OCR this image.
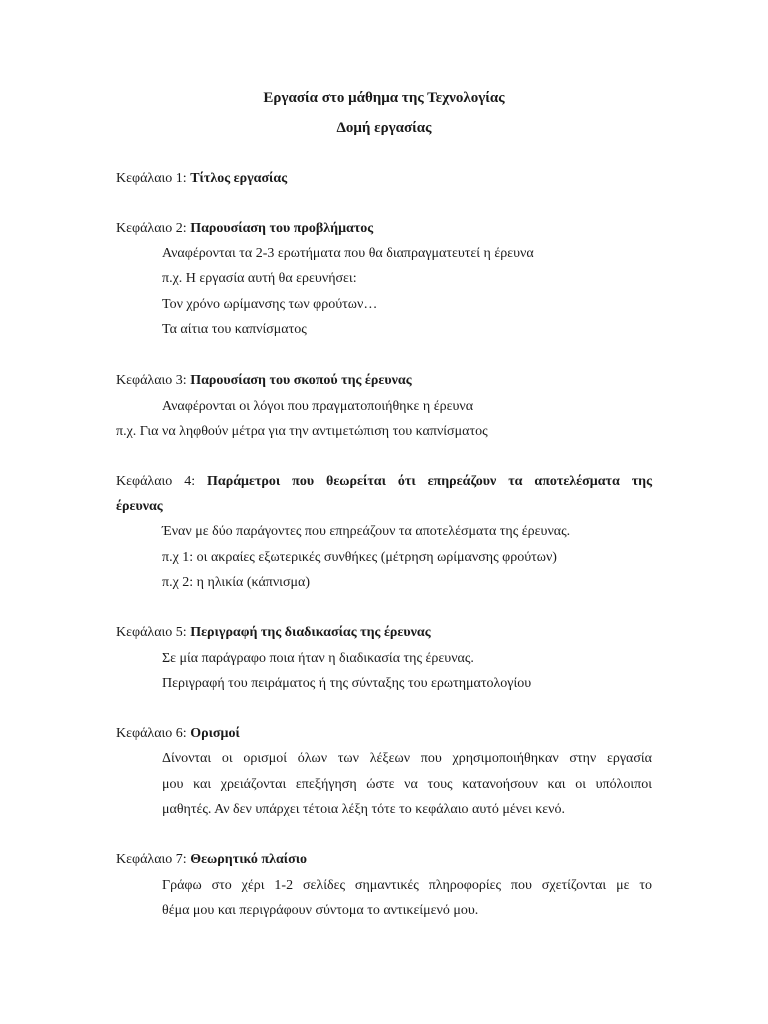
Εργασία στο μάθημα της Τεχνολογίας
Δομή εργασίας
Κεφάλαιο 1: Τίτλος εργασίας
Κεφάλαιο 2: Παρουσίαση του προβλήματος
Αναφέρονται τα 2-3 ερωτήματα που θα διαπραγματευτεί η έρευνα
π.χ. Η εργασία αυτή θα ερευνήσει:
Τον χρόνο ωρίμανσης των φρούτων…
Τα αίτια του καπνίσματος
Κεφάλαιο 3: Παρουσίαση του σκοπού της έρευνας
Αναφέρονται οι λόγοι που πραγματοποιήθηκε η έρευνα
π.χ. Για να ληφθούν μέτρα για την αντιμετώπιση του καπνίσματος
Κεφάλαιο 4: Παράμετροι που θεωρείται ότι επηρεάζουν τα αποτελέσματα της
έρευνας
Έναν με δύο παράγοντες που επηρεάζουν τα αποτελέσματα της έρευνας.
π.χ 1: οι ακραίες εξωτερικές συνθήκες (μέτρηση ωρίμανσης φρούτων)
π.χ 2: η ηλικία (κάπνισμα)
Κεφάλαιο 5: Περιγραφή της διαδικασίας της έρευνας
Σε μία παράγραφο ποια ήταν η διαδικασία της έρευνας.
Περιγραφή του πειράματος ή της σύνταξης του ερωτηματολογίου
Κεφάλαιο 6: Ορισμοί
Δίνονται οι ορισμοί όλων των λέξεων που χρησιμοποιήθηκαν στην εργασία
μου και χρειάζονται επεξήγηση ώστε να τους κατανοήσουν και οι υπόλοιποι
μαθητές. Αν δεν υπάρχει τέτοια λέξη τότε το κεφάλαιο αυτό μένει κενό.
Κεφάλαιο 7: Θεωρητικό πλαίσιο
Γράφω στο χέρι 1-2 σελίδες σημαντικές πληροφορίες που σχετίζονται με το
θέμα μου και περιγράφουν σύντομα το αντικείμενό μου.
